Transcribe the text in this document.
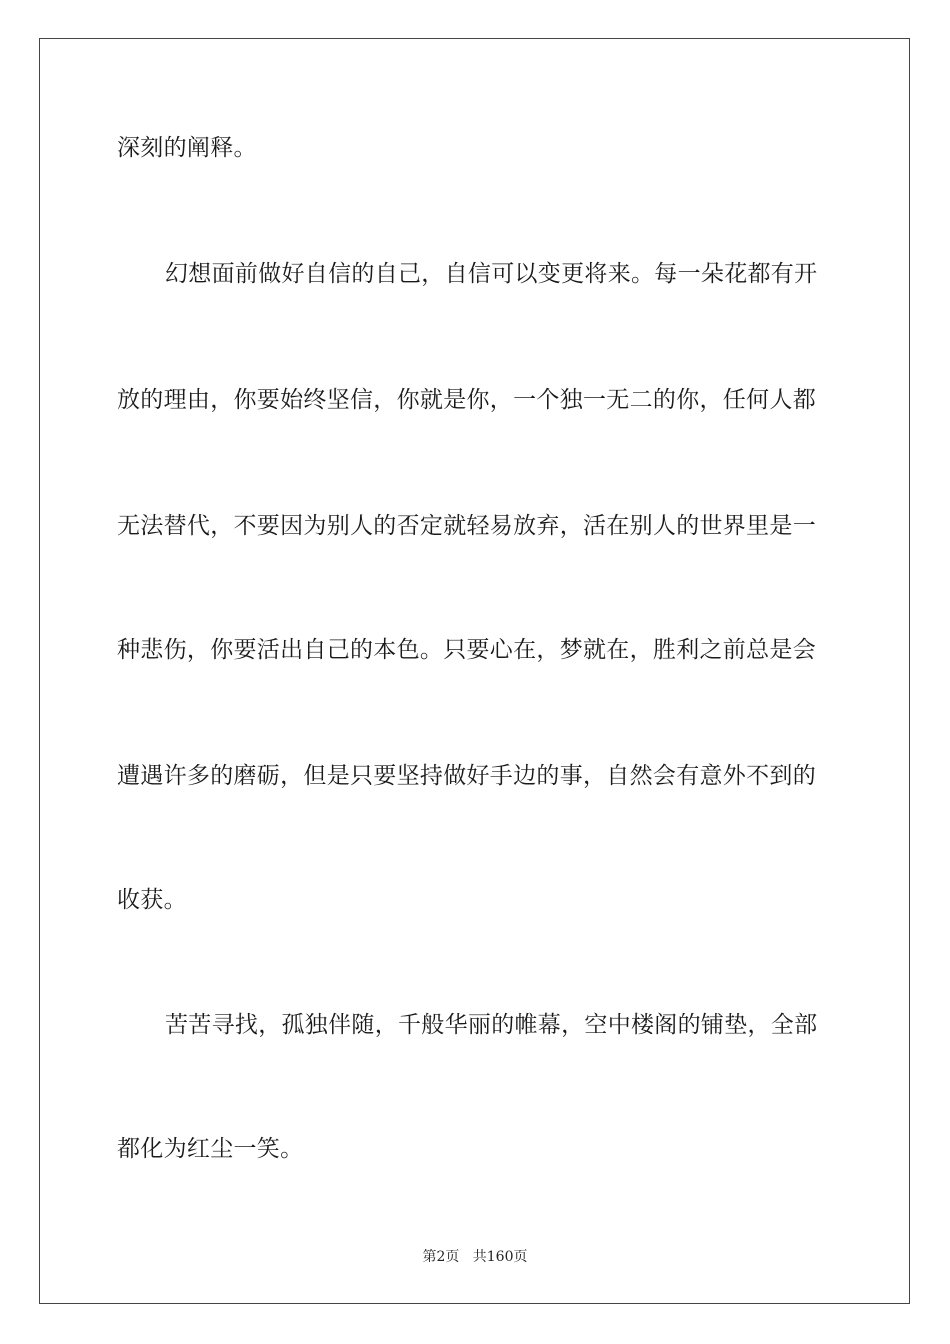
深刻的阐释。
幻想面前做好自信的自己，自信可以变更将来。每一朵花都有开
放的理由，你要始终坚信，你就是你，一个独一无二的你，任何人都
无法替代，不要因为别人的否定就轻易放弃，活在别人的世界里是一
种悲伤，你要活出自己的本色。只要心在，梦就在，胜利之前总是会
遭遇许多的磨砺，但是只要坚持做好手边的事，自然会有意外不到的
收获。
苦苦寻找，孤独伴随，千般华丽的帷幕，空中楼阁的铺垫，全部
都化为红尘一笑。
第2页 共160页
